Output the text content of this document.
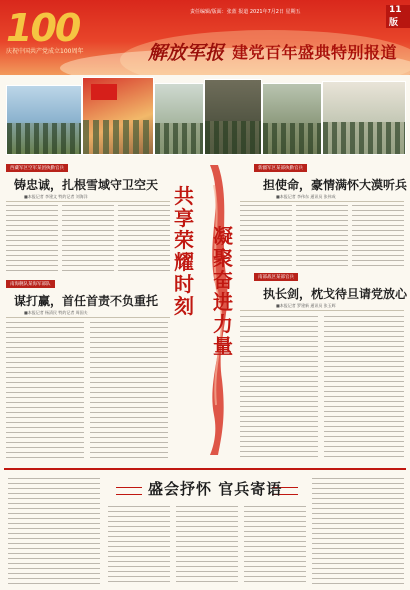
100
庆祝中国共产党成立100周年
责任编辑/版面：张蓝 报道 2021年7月2日 星期五	11版
解放军报 建党百年盛典特别报道
西藏军区空军某团执勤官兵
铸忠诚，扎根雪域守卫空天
■本报记者 李建文 特约记者 刘海洋
南海舰队某海军部队
谋打赢，首任首责不负重托
■本报记者 杨清民 特约记者 周国夫
共享荣耀时刻
凝聚奋进力量
新疆军区某部执勤官兵
担使命，豪情满怀大漠听兵
■本报记者 李伟东 通讯员 张伟成
南部战区某部官兵
执长剑，枕戈待旦请党放心
■本报记者 罗建新 通讯员 张玉辉
盛会抒怀 官兵寄语
